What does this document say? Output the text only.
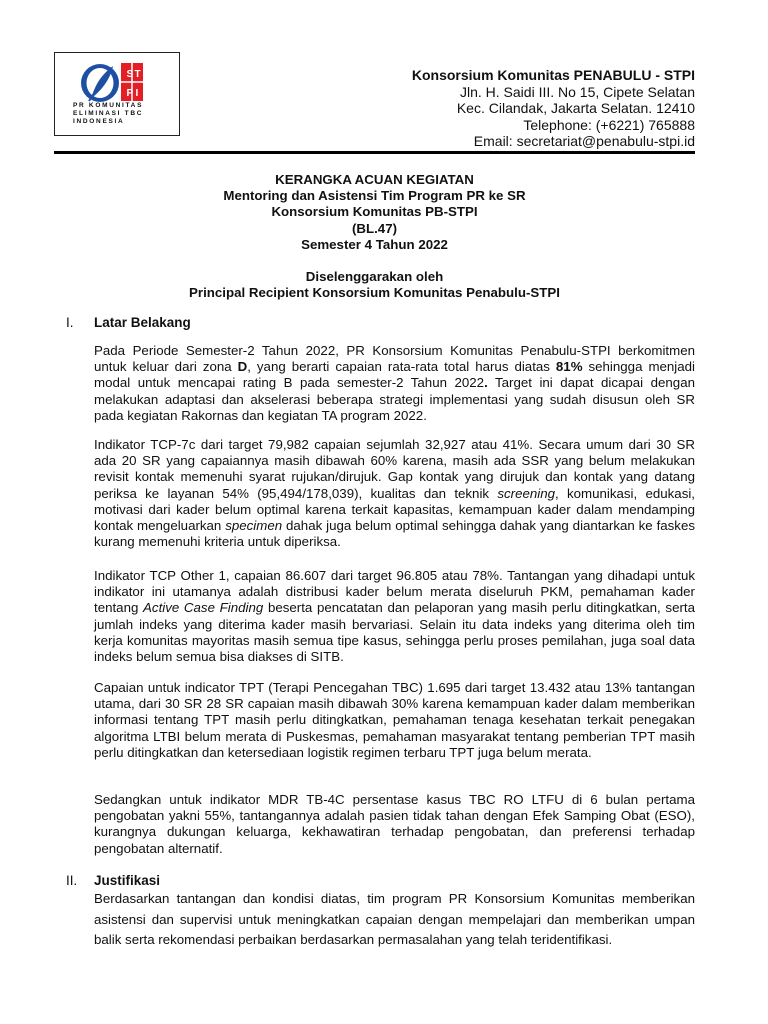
S T
P I
PR KOMUNITAS
ELIMINASI TBC
INDONESIA
Konsorsium Komunitas PENABULU - STPI
Jln. H. Saidi III. No 15, Cipete Selatan
Kec. Cilandak, Jakarta Selatan. 12410
Telephone: (+6221) 765888
Email: secretariat@penabulu-stpi.id

KERANGKA ACUAN KEGIATAN

Mentoring dan Asistensi Tim Program PR ke SR

Konsorsium Komunitas PB-STPI

(BL.47)

Semester 4 Tahun 2022

Diselenggarakan oleh

Principal Recipient Konsorsium Komunitas Penabulu-STPI

I. Latar Belakang

Pada Periode Semester-2 Tahun 2022, PR Konsorsium Komunitas Penabulu-STPI berkomitmen untuk keluar dari zona D, yang berarti capaian rata-rata total harus diatas 81% sehingga menjadi modal untuk mencapai rating B pada semester-2 Tahun 2022. Target ini dapat dicapai dengan melakukan adaptasi dan akselerasi beberapa strategi implementasi yang sudah disusun oleh SR pada kegiatan Rakornas dan kegiatan TA program 2022.

Indikator TCP-7c dari target 79,982 capaian sejumlah 32,927 atau 41%. Secara umum dari 30 SR ada 20 SR yang capaiannya masih dibawah 60% karena, masih ada SSR yang belum melakukan revisit kontak memenuhi syarat rujukan/dirujuk. Gap kontak yang dirujuk dan kontak yang datang periksa ke layanan 54% (95,494/178,039), kualitas dan teknik screening, komunikasi, edukasi, motivasi dari kader belum optimal karena terkait kapasitas, kemampuan kader dalam mendamping kontak mengeluarkan specimen dahak juga belum optimal sehingga dahak yang diantarkan ke faskes kurang memenuhi kriteria untuk diperiksa.

Indikator TCP Other 1, capaian 86.607 dari target 96.805 atau 78%. Tantangan yang dihadapi untuk indikator ini utamanya adalah distribusi kader belum merata diseluruh PKM, pemahaman kader tentang Active Case Finding beserta pencatatan dan pelaporan yang masih perlu ditingkatkan, serta jumlah indeks yang diterima kader masih bervariasi. Selain itu data indeks yang diterima oleh tim kerja komunitas mayoritas masih semua tipe kasus, sehingga perlu proses pemilahan, juga soal data indeks belum semua bisa diakses di SITB.

Capaian untuk indicator TPT (Terapi Pencegahan TBC) 1.695 dari target 13.432 atau 13% tantangan utama, dari 30 SR 28 SR capaian masih dibawah 30% karena kemampuan kader dalam memberikan informasi tentang TPT masih perlu ditingkatkan, pemahaman tenaga kesehatan terkait penegakan algoritma LTBI belum merata di Puskesmas, pemahaman masyarakat tentang pemberian TPT masih perlu ditingkatkan dan ketersediaan logistik regimen terbaru TPT juga belum merata.

Sedangkan untuk indikator MDR TB-4C persentase kasus TBC RO LTFU di 6 bulan pertama pengobatan yakni 55%, tantangannya adalah pasien tidak tahan dengan Efek Samping Obat (ESO), kurangnya dukungan keluarga, kekhawatiran terhadap pengobatan, dan preferensi terhadap pengobatan alternatif.

II. Justifikasi

Berdasarkan tantangan dan kondisi diatas, tim program PR Konsorsium Komunitas memberikan asistensi dan supervisi untuk meningkatkan capaian dengan mempelajari dan memberikan umpan balik serta rekomendasi perbaikan berdasarkan permasalahan yang telah teridentifikasi.
